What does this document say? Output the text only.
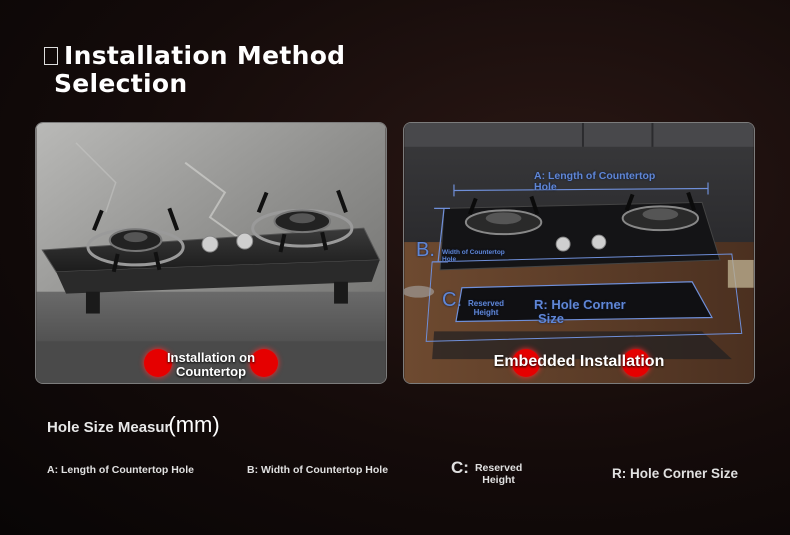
Installation Method
Selection
Installation on
Countertop
A: Length of Countertop
Hole
B. Width of Countertop
Hole
C. Reserved
Height
R: Hole Corner
Size
Embedded Installation
Hole Size Measur(mm)
A: Length of Countertop Hole	B: Width of Countertop Hole	C: Reserved
Height	R: Hole Corner Size
